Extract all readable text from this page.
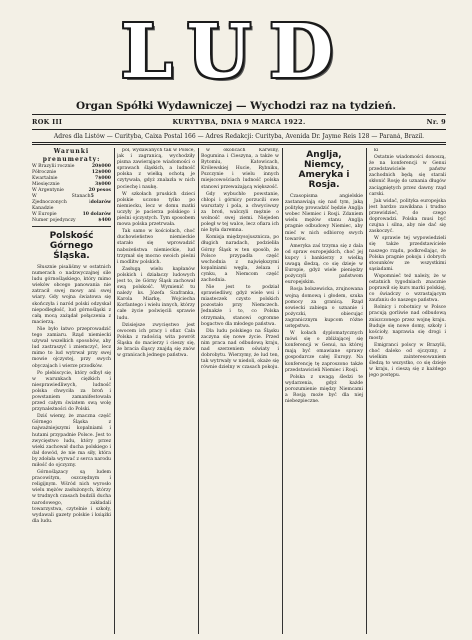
LUD
Organ Spółki Wydawniczej — Wychodzi raz na tydzień.
ROK III	KURYTYBA, DNIA 9 MARCA 1922.	Nr. 9
Adres dla Listów — Curityba, Caixa Postal 166 — Adres Redakcji: Curityba, Avenida Dr. Jayme Reis 128 — Paraná, Brazil.
Warunki prenumeraty:
W Brazylii rocznie	20$000
Półrocznie	12$000
Kwartalnie	7$000
Miesięcznie	3$000
W Argentynie	20 pesos
W Stanach Zjednoczonych i Kanadzie
5 dolarów
W Europie	10 dolarów
Numer pojedynczy	$400
Polskość Górnego Śląska.

Słusznie pisaliśmy w ostatnich numerach o nadzwyczajnej sile ludu górnośląskiego, który mimo wieków obcego panowania nie zatracił swej mowy ani swej wiary. Gdy wojna światowa się skończyła i naród polski odzyskał niepodległość, lud górnośląski z całą mocą zażądał połączenia z macierzą.

Nie było łatwo przeprowadzić tego zamiaru. Rząd niemiecki używał wszelkich sposobów, aby lud zastraszyć i zniemczyć, lecz mimo to lud wytrwał przy swej mowie ojczystej, przy swych obyczajach i wierze przodków.

Po plebiscycie, który odbył się w warunkach ciężkich i niesprawiedliwych, ludność polska chwyciła za broń i powstaniem zamanifestowała przed całym światem swą wolę przynależności do Polski.

Dziś wiemy, że znaczna część Górnego Śląska z najważniejszymi kopalniami i hutami przypadnie Polsce. Jest to zwycięstwo ludu, który przez wieki zachował ducha polskiego i dał dowód, że nie ma siły, która by zdołała wyrwać z serca narodu miłość do ojczyzny.

Górnoślązacy są ludem pracowitym, oszczędnym i religijnym. Wśród nich wyrosło wielu mężów zasłużonych, którzy w trudnych czasach budzili ducha narodowego, zakładali towarzystwa, czytelnie i szkoły, wydawali gazety polskie i książki dla ludu.

pol, wydawanych tak w Polsce, jak i zagranicą, wychodziły pisma zawierające wiadomości o sprawach śląskich, a ludność polska z wielką ochotą je czytywała, gdyż znalazła w nich pociechę i naukę.

W szkołach pruskich dzieci polskie uczono tylko po niemiecku, lecz w domu matki uczyły je pacierza polskiego i pieśni ojczystych. Tym sposobem mowa polska przetrwała.

Tak samo w kościołach, choć duchowieństwo niemieckie starało się wprowadzić nabożeństwa niemieckie, lud trzymał się mocno swoich pieśni i modlitw polskich.

Zasługą wielu kapłanów polskich i działaczy ludowych jest to, że Górny Śląsk zachował swą polskość. Wymienić tu należy ks. Józefa Szafranka, Karola Miarkę, Wojciecha Korfantego i wielu innych, którzy całe życie poświęcili sprawie ludu.

Dzisiejsze zwycięstwo jest owocem ich pracy i ofiar. Cała Polska z radością wita powrót Śląska do macierzy i cieszy się, że bracia śląscy znajdą się znów w granicach jednego państwa.

w okolicach Karwiny, Bogumina i Cieszyna, a także w Bytomiu, Katowicach, Królewskiej Hucie, Rybniku, Pszczynie i wielu innych miejscowościach ludność polska stanowi przeważającą większość.

Gdy wybuchło powstanie, chłopi i górnicy porzucili swe warsztaty i pola, a chwyciwszy za broń, walczyli mężnie o wolność swej ziemi. Niejeden poległ w tej walce, lecz ofiara ich nie była daremna.

Komisja międzysojusznicza, po długich naradach, podzieliła Górny Śląsk w ten sposób, że Polsce przypadła część wschodnia z największymi kopalniami węgla, żelaza i cynku, a Niemcom część zachodnia.

Nie jest to podział sprawiedliwy, gdyż wiele wsi i miasteczek czysto polskich pozostało przy Niemczech. Jednakże i to, co Polska otrzymała, stanowi ogromne bogactwo dla młodego państwa.

Dla ludu polskiego na Śląsku zaczyna się nowe życie. Przed nim praca nad odbudową kraju, nad szerzeniem oświaty i dobrobytu. Wierzymy, że lud ten, tak wytrwały w niedoli, okaże się równie dzielny w czasach pokoju.

Anglja, Niemcy, Ameryka i Rosja.

Czasopisma angielskie zastanawiają się nad tym, jaką politykę prowadzić będzie Anglja wobec Niemiec i Rosji. Zdaniem wielu mężów stanu Anglja pragnie odbudowy Niemiec, aby mieć w nich odbiorcę swych towarów.

Ameryka zaś trzyma się z dala od spraw europejskich, choć jej kupcy i bankierzy z wielką uwagą śledzą, co się dzieje w Europie, gdyż wiele pieniędzy pożyczyli państwom europejskim.

Rosja bolszewicka, zrujnowana wojną domową i głodem, szuka pomocy za granicą. Rząd sowiecki zabiega o uznanie i pożyczki, obiecując zagranicznym kupcom różne ustępstwa.

W kołach dyplomatycznych mówi się o zbliżającej się konferencji w Genui, na której mają być omawiane sprawy gospodarcze całej Europy. Na konferencję tę zaproszono także przedstawicieli Niemiec i Rosji.

Polska z uwagą śledzi te wydarzenia, gdyż każde porozumienie między Niemcami a Rosją może być dla niej niebezpieczne.

ki

Ostatnie wiadomości donoszą, że na konferencji w Genui przedstawiciele państw zachodnich będą się starali skłonić Rosję do uznania długów zaciągniętych przez dawny rząd carski.

Jak widać, polityka europejska jest bardzo zawikłana i trudno przewidzieć, do czego doprowadzi. Polska musi być czujna i silna, aby nie dać się zaskoczyć.

W sprawie tej wypowiedzieli się także przedstawiciele naszego rządu, podkreślając, że Polska pragnie pokoju i dobrych stosunków ze wszystkimi sąsiadami.

Wspomnieć też należy, że w ostatnich tygodniach znacznie poprawił się kurs marki polskiej, co świadczy o wzrastającym zaufaniu do naszego państwa.

Rolnicy i robotnicy w Polsce pracują gorliwie nad odbudową zniszczonego przez wojnę kraju. Buduje się nowe domy, szkoły i kościoły, naprawia się drogi i mosty.

Emigranci polscy w Brazylii, choć daleko od ojczyzny, z wielkim zainteresowaniem śledzą to wszystko, co się dzieje w kraju, i cieszą się z każdego jego postępu.
